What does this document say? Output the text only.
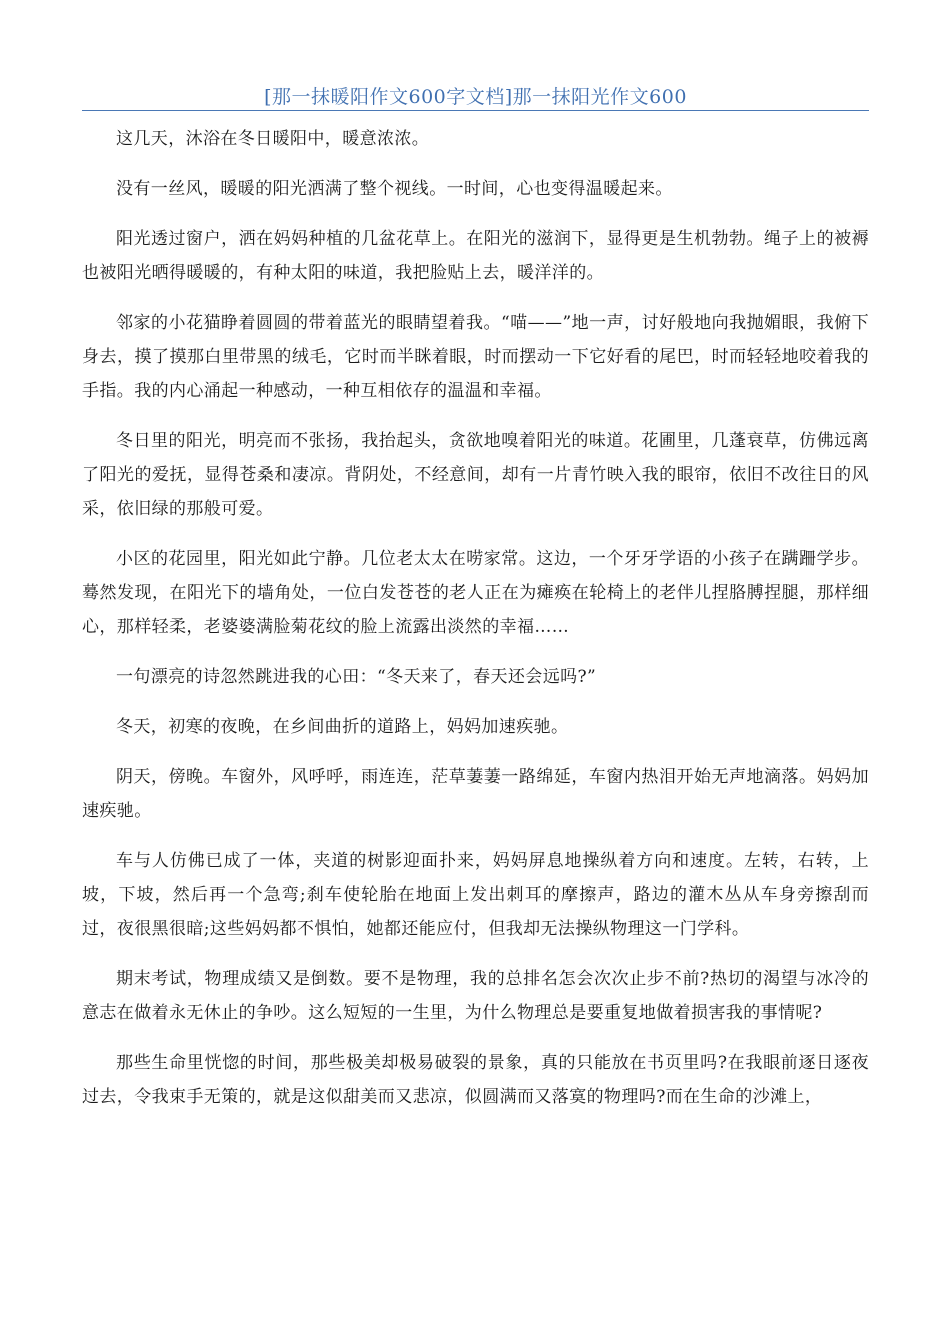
[那一抹暖阳作文600字文档]那一抹阳光作文600

这几天，沐浴在冬日暖阳中，暖意浓浓。

没有一丝风，暖暖的阳光洒满了整个视线。一时间，心也变得温暖起来。

阳光透过窗户，洒在妈妈种植的几盆花草上。在阳光的滋润下，显得更是生机勃勃。绳子上的被褥也被阳光晒得暖暖的，有种太阳的味道，我把脸贴上去，暖洋洋的。

邻家的小花猫睁着圆圆的带着蓝光的眼睛望着我。“喵——”地一声，讨好般地向我抛媚眼，我俯下身去，摸了摸那白里带黑的绒毛，它时而半眯着眼，时而摆动一下它好看的尾巴，时而轻轻地咬着我的手指。我的内心涌起一种感动，一种互相依存的温温和幸福。

冬日里的阳光，明亮而不张扬，我抬起头，贪欲地嗅着阳光的味道。花圃里，几蓬衰草，仿佛远离了阳光的爱抚，显得苍桑和凄凉。背阴处，不经意间，却有一片青竹映入我的眼帘，依旧不改往日的风采，依旧绿的那般可爱。

小区的花园里，阳光如此宁静。几位老太太在唠家常。这边，一个牙牙学语的小孩子在蹒跚学步。蓦然发现，在阳光下的墙角处，一位白发苍苍的老人正在为瘫痪在轮椅上的老伴儿捏胳膊捏腿，那样细心，那样轻柔，老婆婆满脸菊花纹的脸上流露出淡然的幸福……

一句漂亮的诗忽然跳进我的心田：“冬天来了，春天还会远吗?”

冬天，初寒的夜晚，在乡间曲折的道路上，妈妈加速疾驰。

阴天，傍晚。车窗外，风呼呼，雨连连，茫草萋萋一路绵延，车窗内热泪开始无声地滴落。妈妈加速疾驰。

车与人仿佛已成了一体，夹道的树影迎面扑来，妈妈屏息地操纵着方向和速度。左转，右转，上坡，下坡，然后再一个急弯;刹车使轮胎在地面上发出刺耳的摩擦声，路边的灌木丛从车身旁擦刮而过，夜很黑很暗;这些妈妈都不惧怕，她都还能应付，但我却无法操纵物理这一门学科。

期末考试，物理成绩又是倒数。要不是物理，我的总排名怎会次次止步不前?热切的渴望与冰冷的意志在做着永无休止的争吵。这么短短的一生里，为什么物理总是要重复地做着损害我的事情呢?

那些生命里恍惚的时间，那些极美却极易破裂的景象，真的只能放在书页里吗?在我眼前逐日逐夜过去，令我束手无策的，就是这似甜美而又悲凉，似圆满而又落寞的物理吗?而在生命的沙滩上，
